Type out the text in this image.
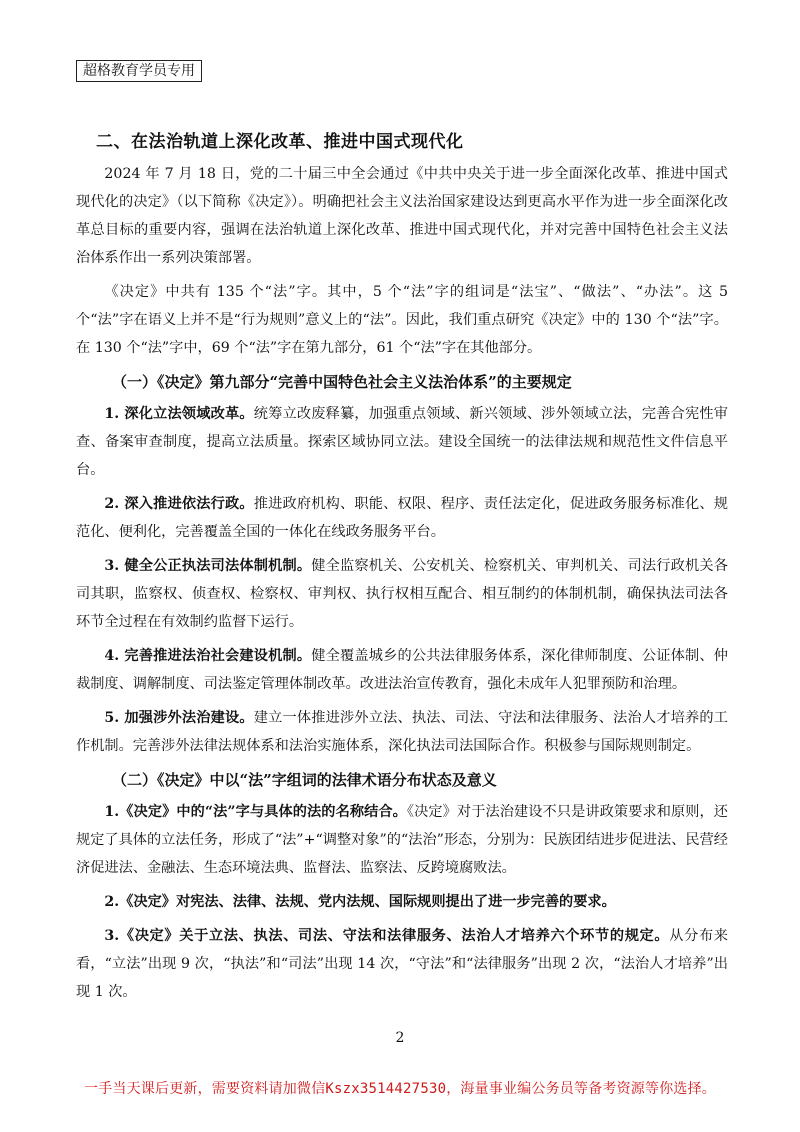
超格教育学员专用
二、在法治轨道上深化改革、推进中国式现代化

2024 年 7 月 18 日，党的二十届三中全会通过《中共中央关于进一步全面深化改革、推进中国式现代化的决定》（以下简称《决定》）。明确把社会主义法治国家建设达到更高水平作为进一步全面深化改革总目标的重要内容，强调在法治轨道上深化改革、推进中国式现代化，并对完善中国特色社会主义法治体系作出一系列决策部署。

《决定》中共有 135 个“法”字。其中，5 个“法”字的组词是“法宝”、“做法”、“办法”。这 5 个“法”字在语义上并不是“行为规则”意义上的“法”。因此，我们重点研究《决定》中的 130 个“法”字。在 130 个“法”字中，69 个“法”字在第九部分，61 个“法”字在其他部分。

（一）《决定》第九部分“完善中国特色社会主义法治体系”的主要规定

1. 深化立法领域改革。统筹立改废释纂，加强重点领域、新兴领域、涉外领域立法，完善合宪性审查、备案审查制度，提高立法质量。探索区域协同立法。建设全国统一的法律法规和规范性文件信息平台。

2. 深入推进依法行政。推进政府机构、职能、权限、程序、责任法定化，促进政务服务标准化、规范化、便利化，完善覆盖全国的一体化在线政务服务平台。

3. 健全公正执法司法体制机制。健全监察机关、公安机关、检察机关、审判机关、司法行政机关各司其职，监察权、侦查权、检察权、审判权、执行权相互配合、相互制约的体制机制，确保执法司法各环节全过程在有效制约监督下运行。

4. 完善推进法治社会建设机制。健全覆盖城乡的公共法律服务体系，深化律师制度、公证体制、仲裁制度、调解制度、司法鉴定管理体制改革。改进法治宣传教育，强化未成年人犯罪预防和治理。

5. 加强涉外法治建设。建立一体推进涉外立法、执法、司法、守法和法律服务、法治人才培养的工作机制。完善涉外法律法规体系和法治实施体系，深化执法司法国际合作。积极参与国际规则制定。

（二）《决定》中以“法”字组词的法律术语分布状态及意义

1.《决定》中的“法”字与具体的法的名称结合。《决定》对于法治建设不只是讲政策要求和原则，还规定了具体的立法任务，形成了“法”+“调整对象”的“法治”形态，分别为：民族团结进步促进法、民营经济促进法、金融法、生态环境法典、监督法、监察法、反跨境腐败法。

2.《决定》对宪法、法律、法规、党内法规、国际规则提出了进一步完善的要求。

3.《决定》关于立法、执法、司法、守法和法律服务、法治人才培养六个环节的规定。从分布来看，“立法”出现 9 次，“执法”和“司法”出现 14 次，“守法”和“法律服务”出现 2 次，“法治人才培养”出现 1 次。

2
一手当天课后更新，需要资料请加微信Kszx3514427530，海量事业编公务员等备考资源等你选择。
